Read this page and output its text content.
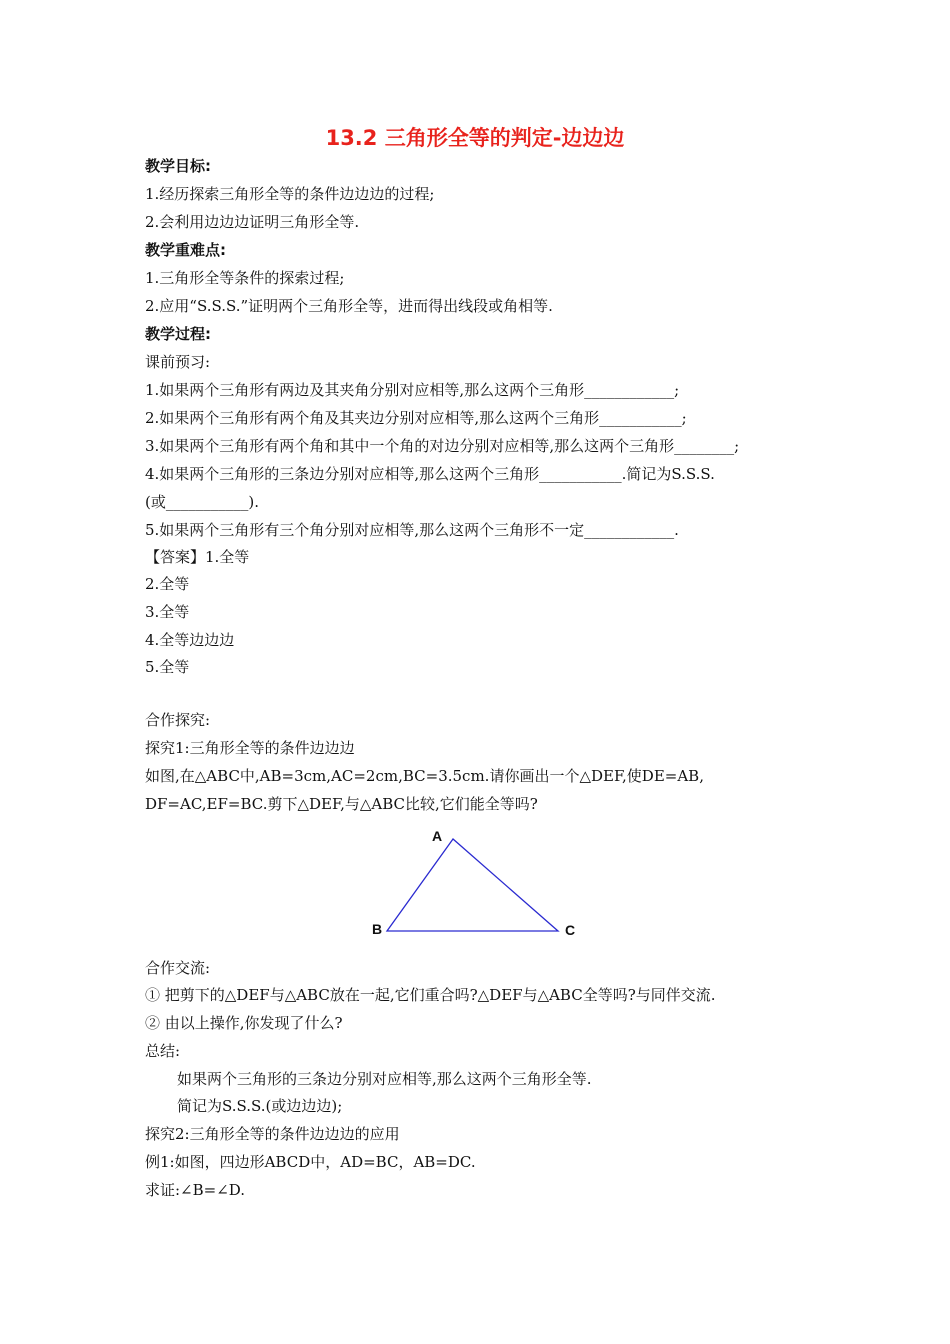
13.2 三角形全等的判定-边边边
教学目标:
1.经历探索三角形全等的条件边边边的过程;
2.会利用边边边证明三角形全等.
教学重难点:
1.三角形全等条件的探索过程;
2.应用“S.S.S.”证明两个三角形全等，进而得出线段或角相等.
教学过程:
课前预习:
1.如果两个三角形有两边及其夹角分别对应相等,那么这两个三角形____________;
2.如果两个三角形有两个角及其夹边分别对应相等,那么这两个三角形___________;
3.如果两个三角形有两个角和其中一个角的对边分别对应相等,那么这两个三角形________;
4.如果两个三角形的三条边分别对应相等,那么这两个三角形___________.简记为S.S.S.
(或___________).
5.如果两个三角形有三个角分别对应相等,那么这两个三角形不一定____________.
【答案】1.全等
2.全等
3.全等
4.全等边边边
5.全等
合作探究:
探究1:三角形全等的条件边边边
如图,在△ABC中,AB=3cm,AC=2cm,BC=3.5cm.请你画出一个△DEF,使DE=AB,
DF=AC,EF=BC.剪下△DEF,与△ABC比较,它们能全等吗?
A
B	C
合作交流:
① 把剪下的△DEF与△ABC放在一起,它们重合吗?△DEF与△ABC全等吗?与同伴交流.
② 由以上操作,你发现了什么?
总结:
如果两个三角形的三条边分别对应相等,那么这两个三角形全等.
简记为S.S.S.(或边边边);
探究2:三角形全等的条件边边边的应用
例1:如图，四边形ABCD中，AD=BC，AB=DC.
求证:∠B=∠D.
